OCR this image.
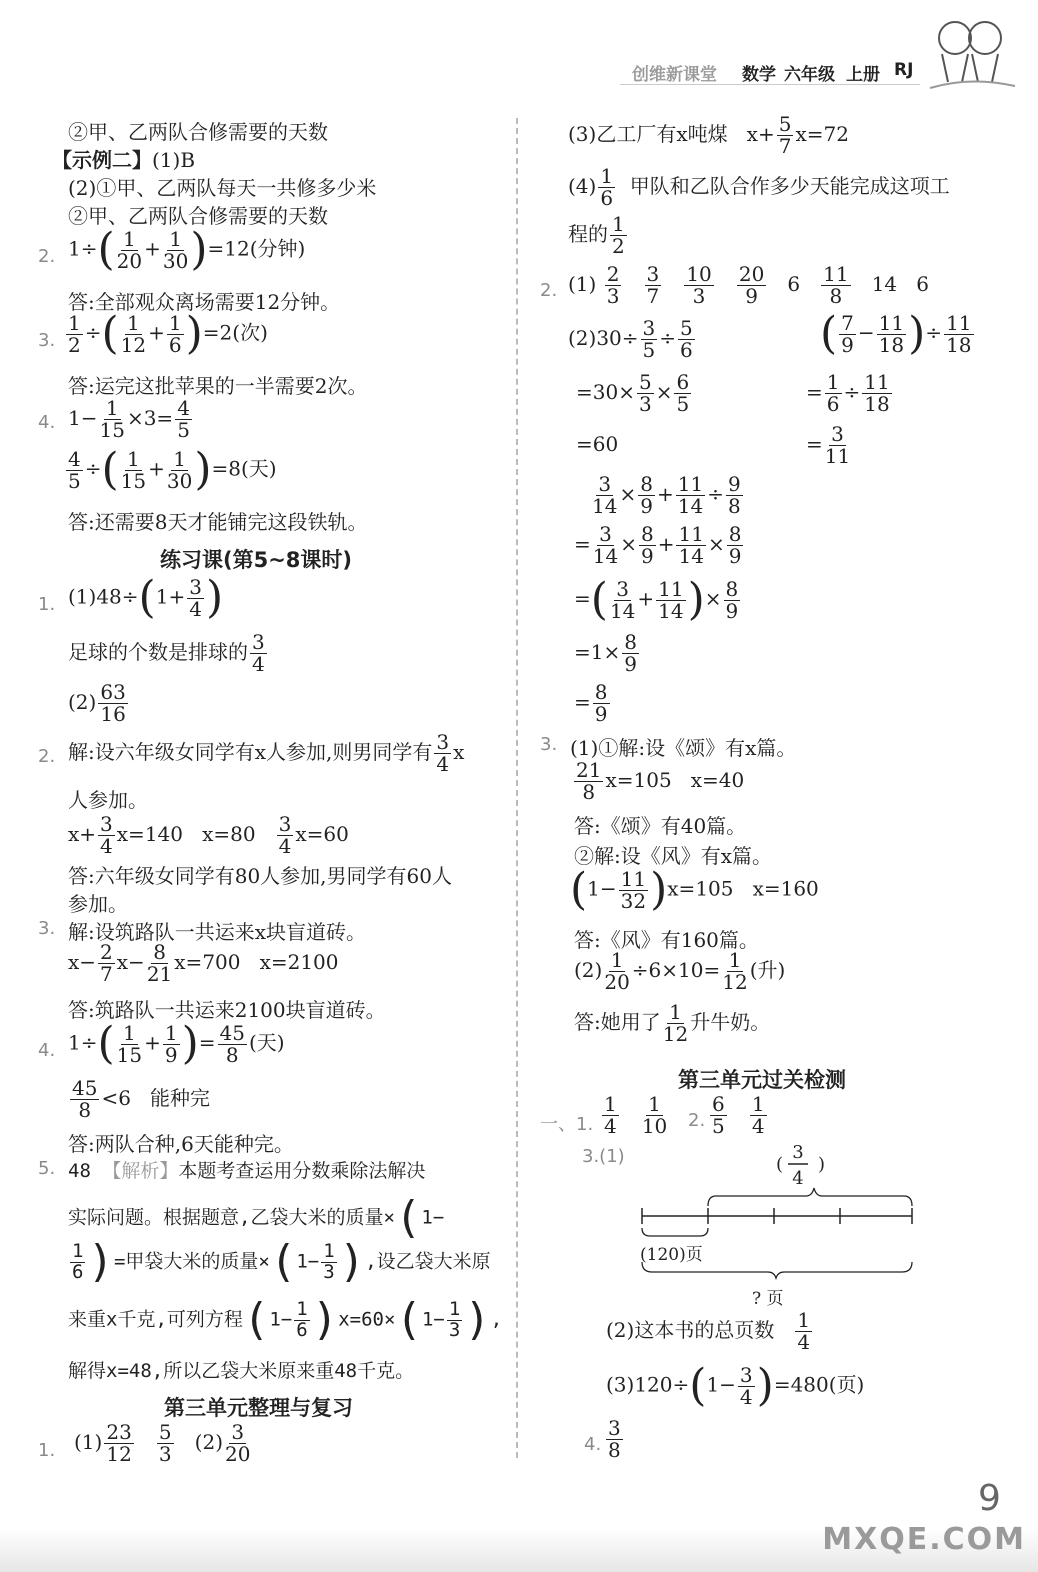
创维新课堂 数学 六年级 上册 RJ
②甲、乙两队合修需要的天数
【示例二】(1)B
(2)①甲、乙两队每天一共修多少米
②甲、乙两队合修需要的天数
2. $1\div( \frac{1}{20} + \frac{1}{30} )=12$(分钟)
答:全部观众离场需要12分钟。
3. $\frac{1}{2}$ ÷( $\frac{1}{12} + \frac{1}{6} )=2$(次)
答:运完这批苹果的一半需要2次。
4. $1- \frac{1}{15} \times 3= \frac{4}{5}$
$\frac{4}{5}$ ÷( $\frac{1}{15} + \frac{1}{30} )=8$(天)
答:还需要8天才能铺完这段铁轨。
练习课(第5~8课时)
1. $(1)48\div(1+ \frac{3}{4}$ )
足球的个数是排球的 $\frac{3}{4}$
$(2) \frac{63}{16}$
2. 解:设六年级女同学有x人参加,则男同学有 $\frac{3}{4}$ x
人参加。
$x+ \frac{3}{4} x=140$   $x=80 \frac{3}{4} x=60$
答:六年级女同学有80人参加,男同学有60人
参加。
3. 解:设筑路队一共运来x块盲道砖。
$x- \frac{2}{7} x- \frac{8}{21} x=700$   x=2100
答:筑路队一共运来2100块盲道砖。
4. $1\div( \frac{1}{15} + \frac{1}{9}$ )= $\frac{45}{8}$ (天)
$\frac{45}{8} <6$   能种完
答:两队合种,6天能种完。
5. 48 【解析】本题考查运用分数乘除法解决
实际问题。根据题意,乙袋大米的质量×(1−
$\frac{1}{6}$ )=甲袋大米的质量$\times(1- \frac{1}{3}$ ),设乙袋大米原
来重x千克,可列方程$(1- \frac{1}{6} )x=60\times(1- \frac{1}{3}$ ),
解得x=48,所以乙袋大米原来重48千克。
第三单元整理与复习
1. $(1) \frac{23}{12}$
$\frac{5}{3} (2) \frac{3}{20}$
(3)乙工厂有x吨煤   $x+ \frac{5}{7} x=72$
$(4) \frac{1}{6}$ 甲队和乙队合作多少天能完成这项工
程的 $\frac{1}{2}$
2. $(1) \frac{2}{3}$
$\frac{3}{7}$
$\frac{10}{3}$
$\frac{20}{9} 6 \frac{11}{8} 14$   6
$(2)30\div \frac{3}{5} \div \frac{5}{6}$
$=30\times \frac{5}{3} \times \frac{6}{5}$
=60
( $\frac{7}{9} - \frac{11}{18}$ )÷ $\frac{11}{18}$
= $\frac{1}{6} \div \frac{11}{18}$
= $\frac{3}{11}$
$\frac{3}{14} \times \frac{8}{9} + \frac{11}{14} \div \frac{9}{8}$
= $\frac{3}{14} \times \frac{8}{9} + \frac{11}{14} \times \frac{8}{9}$
=( $\frac{3}{14} + \frac{11}{14}$ )× $\frac{8}{9}$
$=1\times \frac{8}{9}$
= $\frac{8}{9}$
3. (1)①解:设《颂》有x篇。
$\frac{21}{8} x=105$   x=40
答:《颂》有40篇。
②解:设《风》有x篇。
$(1- \frac{11}{32} )x=105$   x=160
答:《风》有160篇。
$(2) \frac{1}{20} \div 6\times 10= \frac{1}{12}$ (升)
答:她用了 $\frac{1}{12}$ 升牛奶。
第三单元过关检测
一、1. $\frac{1}{4}$
$\frac{1}{10} 2$. $\frac{6}{5}$
$\frac{1}{4}$
3.(1)	( )
3
4
(120)页
? 页
(2)这本书的总页数 $\frac{1}{4}$
$(3)120\div(1- \frac{3}{4} )=480$(页)
4. $\frac{3}{8}$
9
MXQE.COM
